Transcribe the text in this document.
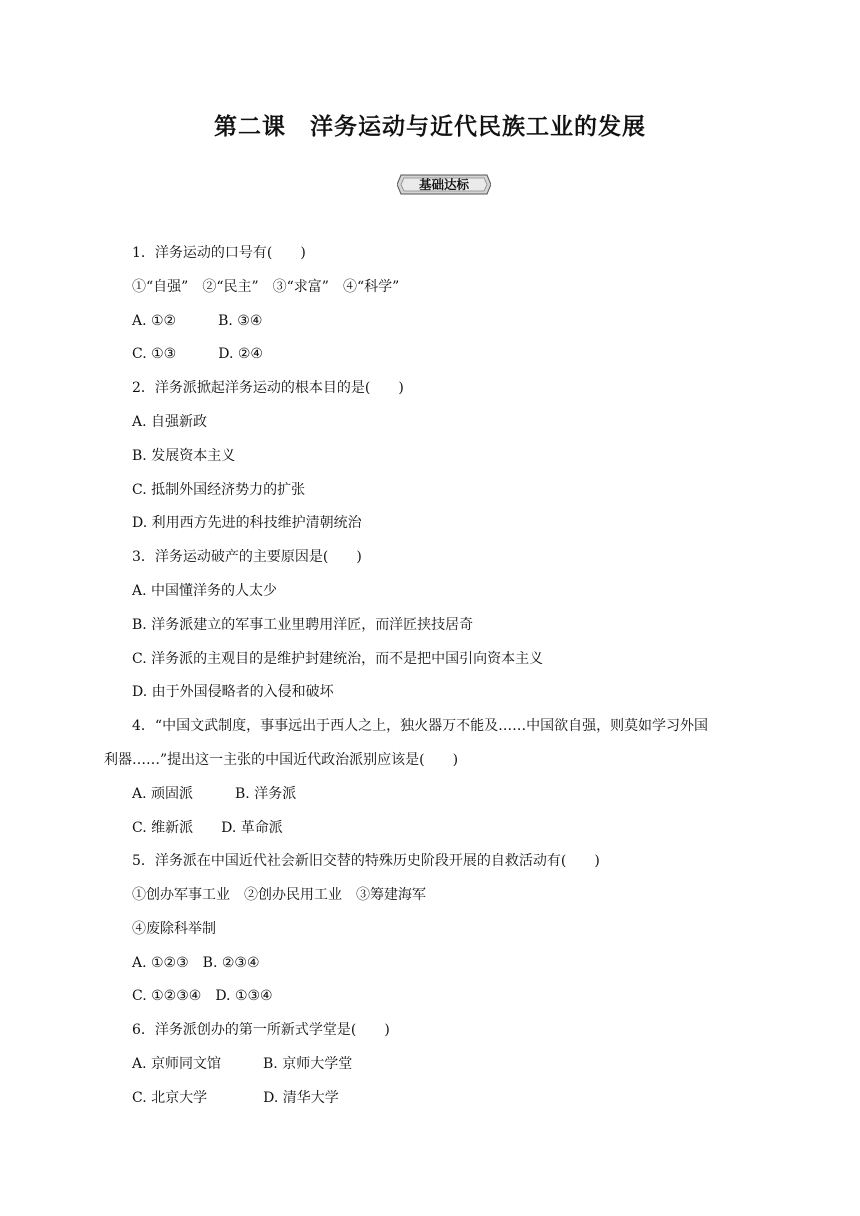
第二课　洋务运动与近代民族工业的发展
基础达标

1．洋务运动的口号有(　　)

①“自强”　②“民主”　③“求富”　④“科学”

A. ①②　　　B. ③④

C. ①③　　　D. ②④

2．洋务派掀起洋务运动的根本目的是(　　)

A. 自强新政

B. 发展资本主义

C. 抵制外国经济势力的扩张

D. 利用西方先进的科技维护清朝统治

3．洋务运动破产的主要原因是(　　)

A. 中国懂洋务的人太少

B. 洋务派建立的军事工业里聘用洋匠，而洋匠挟技居奇

C. 洋务派的主观目的是维护封建统治，而不是把中国引向资本主义

D. 由于外国侵略者的入侵和破坏

4．“中国文武制度，事事远出于西人之上，独火器万不能及……中国欲自强，则莫如学习外国

利器……”提出这一主张的中国近代政治派别应该是(　　)

A. 顽固派　　　B. 洋务派

C. 维新派　　D. 革命派

5．洋务派在中国近代社会新旧交替的特殊历史阶段开展的自救活动有(　　)

①创办军事工业　②创办民用工业　③筹建海军

④废除科举制

A. ①②③　B. ②③④

C. ①②③④　D. ①③④

6．洋务派创办的第一所新式学堂是(　　)

A. 京师同文馆　　　B. 京师大学堂

C. 北京大学　　　　D. 清华大学
